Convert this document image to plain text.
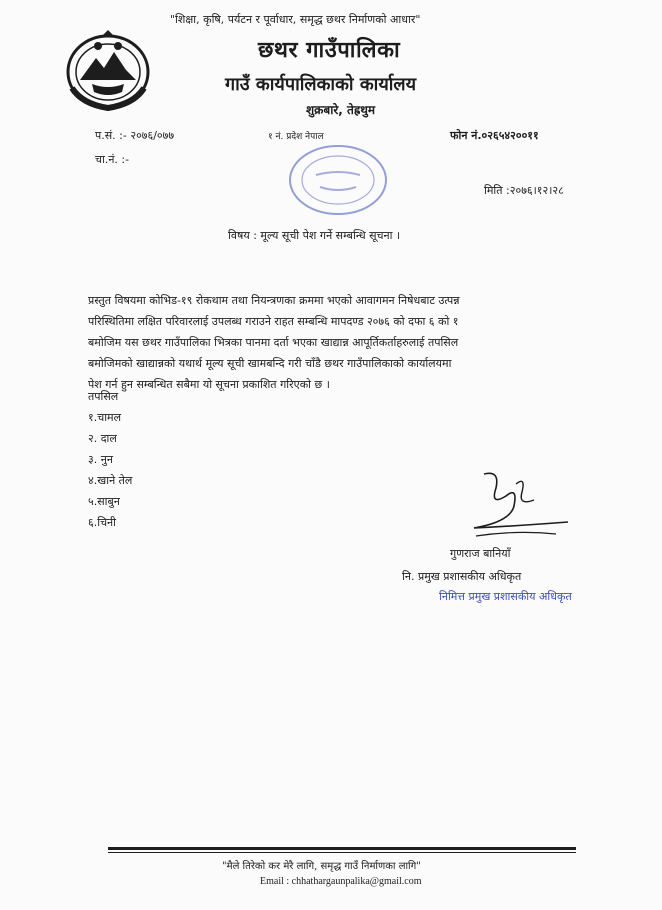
"शिक्षा, कृषि, पर्यटन र पूर्वाधार, समृद्ध छथर निर्माणको आधार"
छथर गाउँपालिका
गाउँ कार्यपालिकाको कार्यालय
शुक्रबारे, तेह्रथुम
प.सं. :- २०७६/०७७	१ नं. प्रदेश नेपाल	फोन नं.०२६५४२००११
चा.नं. :-
मिति :२०७६।१२।२८
विषय : मूल्य सूची पेश गर्ने सम्बन्धि सूचना ।
प्रस्तुत विषयमा कोभिड-१९ रोकथाम तथा नियन्त्रणका क्रममा भएको आवागमन निषेधबाट उत्पन्न
परिस्थितिमा लक्षित परिवारलाई उपलब्ध गराउने राहत सम्बन्धि मापदण्ड २०७६ को दफा ६ को १
बमोजिम यस छथर गाउँपालिका भित्रका पानमा दर्ता भएका खाद्यान्न आपूर्तिकर्ताहरुलाई तपसिल
बमोजिमको खाद्यान्नको यथार्थ मूल्य सूची खामबन्दि गरी चाँडै छथर गाउँपालिकाको कार्यालयमा
पेश गर्न हुन सम्बन्धित सबैमा यो सूचना प्रकाशित गरिएको छ ।
तपसिल
१.चामल
२. दाल
३. नुन
४.खाने तेल
५.साबुन
६.चिनी
गुणराज बानियाँ
नि. प्रमुख प्रशासकीय अधिकृत
निमित्त प्रमुख प्रशासकीय अधिकृत
"मैले तिरेको कर मेरै लागि, समृद्ध गाउँ निर्माणका लागि"
Email : chhathargaunpalika@gmail.com
